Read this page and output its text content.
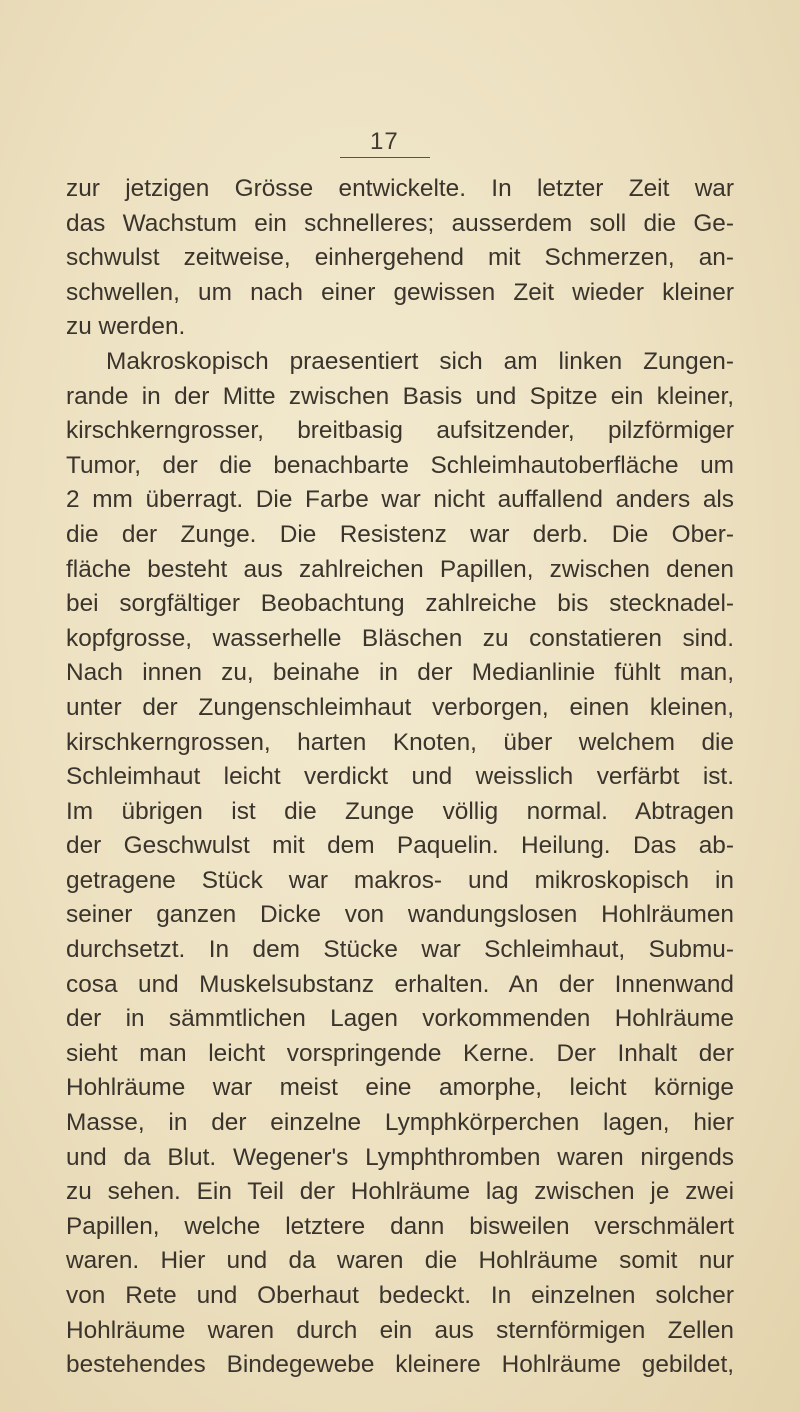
17
zur jetzigen Grösse entwickelte. In letzter Zeit war
das Wachstum ein schnelleres; ausserdem soll die Ge-
schwulst zeitweise, einhergehend mit Schmerzen, an-
schwellen, um nach einer gewissen Zeit wieder kleiner
zu werden.
Makroskopisch praesentiert sich am linken Zungen-
rande in der Mitte zwischen Basis und Spitze ein kleiner,
kirschkerngrosser, breitbasig aufsitzender, pilzförmiger
Tumor, der die benachbarte Schleimhautoberfläche um
2 mm überragt. Die Farbe war nicht auffallend anders als
die der Zunge. Die Resistenz war derb. Die Ober-
fläche besteht aus zahlreichen Papillen, zwischen denen
bei sorgfältiger Beobachtung zahlreiche bis stecknadel-
kopfgrosse, wasserhelle Bläschen zu constatieren sind.
Nach innen zu, beinahe in der Medianlinie fühlt man,
unter der Zungenschleimhaut verborgen, einen kleinen,
kirschkerngrossen, harten Knoten, über welchem die
Schleimhaut leicht verdickt und weisslich verfärbt ist.
Im übrigen ist die Zunge völlig normal. Abtragen
der Geschwulst mit dem Paquelin. Heilung. Das ab-
getragene Stück war makros- und mikroskopisch in
seiner ganzen Dicke von wandungslosen Hohlräumen
durchsetzt. In dem Stücke war Schleimhaut, Submu-
cosa und Muskelsubstanz erhalten. An der Innenwand
der in sämmtlichen Lagen vorkommenden Hohlräume
sieht man leicht vorspringende Kerne. Der Inhalt der
Hohlräume war meist eine amorphe, leicht körnige
Masse, in der einzelne Lymphkörperchen lagen, hier
und da Blut. Wegener's Lymphthromben waren nirgends
zu sehen. Ein Teil der Hohlräume lag zwischen je zwei
Papillen, welche letztere dann bisweilen verschmälert
waren. Hier und da waren die Hohlräume somit nur
von Rete und Oberhaut bedeckt. In einzelnen solcher
Hohlräume waren durch ein aus sternförmigen Zellen
bestehendes Bindegewebe kleinere Hohlräume gebildet,
